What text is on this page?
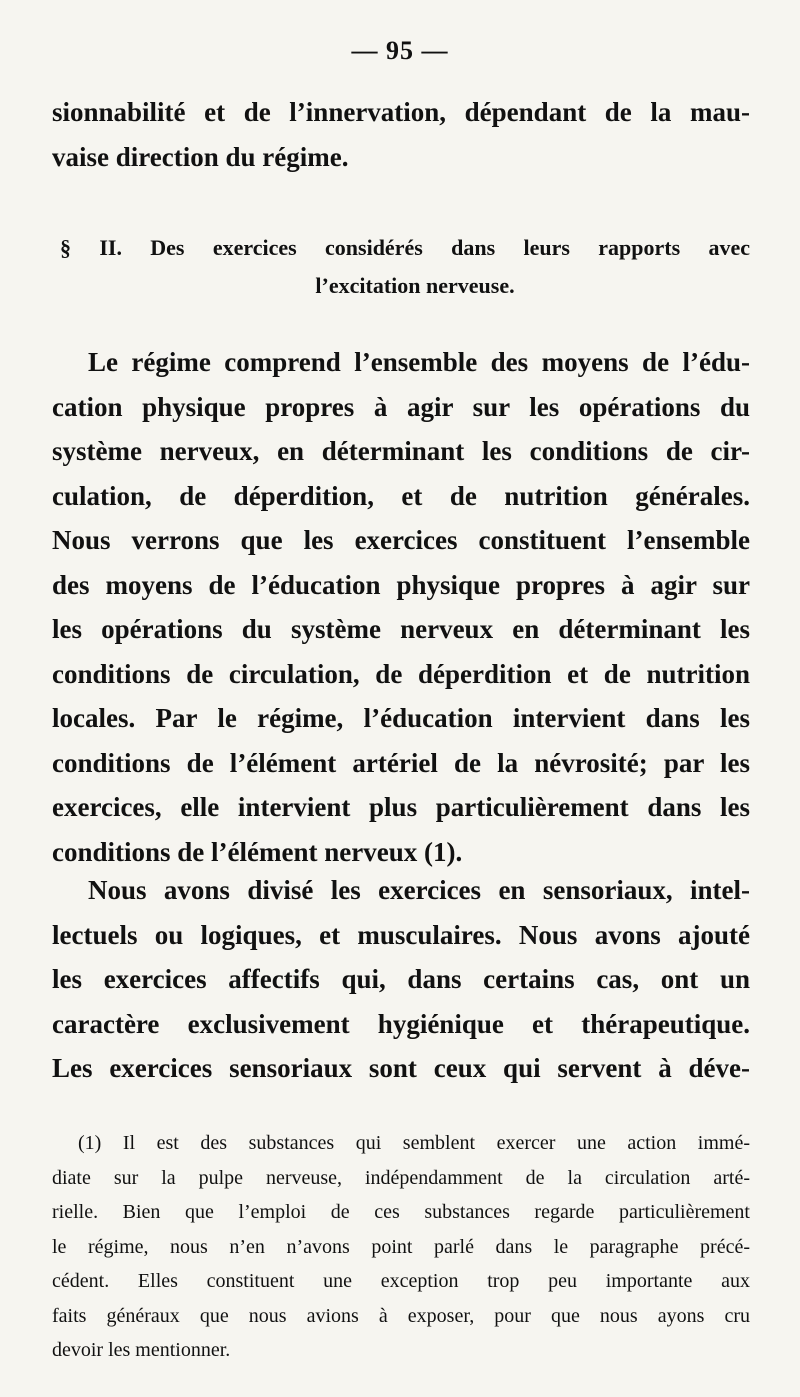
— 95 —
sionnabilité et de l’innervation, dépendant de la mau-
vaise direction du régime.
§ II. Des exercices considérés dans leurs rapports avec
l’excitation nerveuse.
Le régime comprend l’ensemble des moyens de l’édu-
cation physique propres à agir sur les opérations du
système nerveux, en déterminant les conditions de cir-
culation, de déperdition, et de nutrition générales.
Nous verrons que les exercices constituent l’ensemble
des moyens de l’éducation physique propres à agir sur
les opérations du système nerveux en déterminant les
conditions de circulation, de déperdition et de nutrition
locales. Par le régime, l’éducation intervient dans les
conditions de l’élément artériel de la névrosité; par les
exercices, elle intervient plus particulièrement dans les
conditions de l’élément nerveux (1).
Nous avons divisé les exercices en sensoriaux, intel-
lectuels ou logiques, et musculaires. Nous avons ajouté
les exercices affectifs qui, dans certains cas, ont un
caractère exclusivement hygiénique et thérapeutique.
Les exercices sensoriaux sont ceux qui servent à déve-
(1) Il est des substances qui semblent exercer une action immé-
diate sur la pulpe nerveuse, indépendamment de la circulation arté-
rielle. Bien que l’emploi de ces substances regarde particulièrement
le régime, nous n’en n’avons point parlé dans le paragraphe précé-
cédent. Elles constituent une exception trop peu importante aux
faits généraux que nous avions à exposer, pour que nous ayons cru
devoir les mentionner.
